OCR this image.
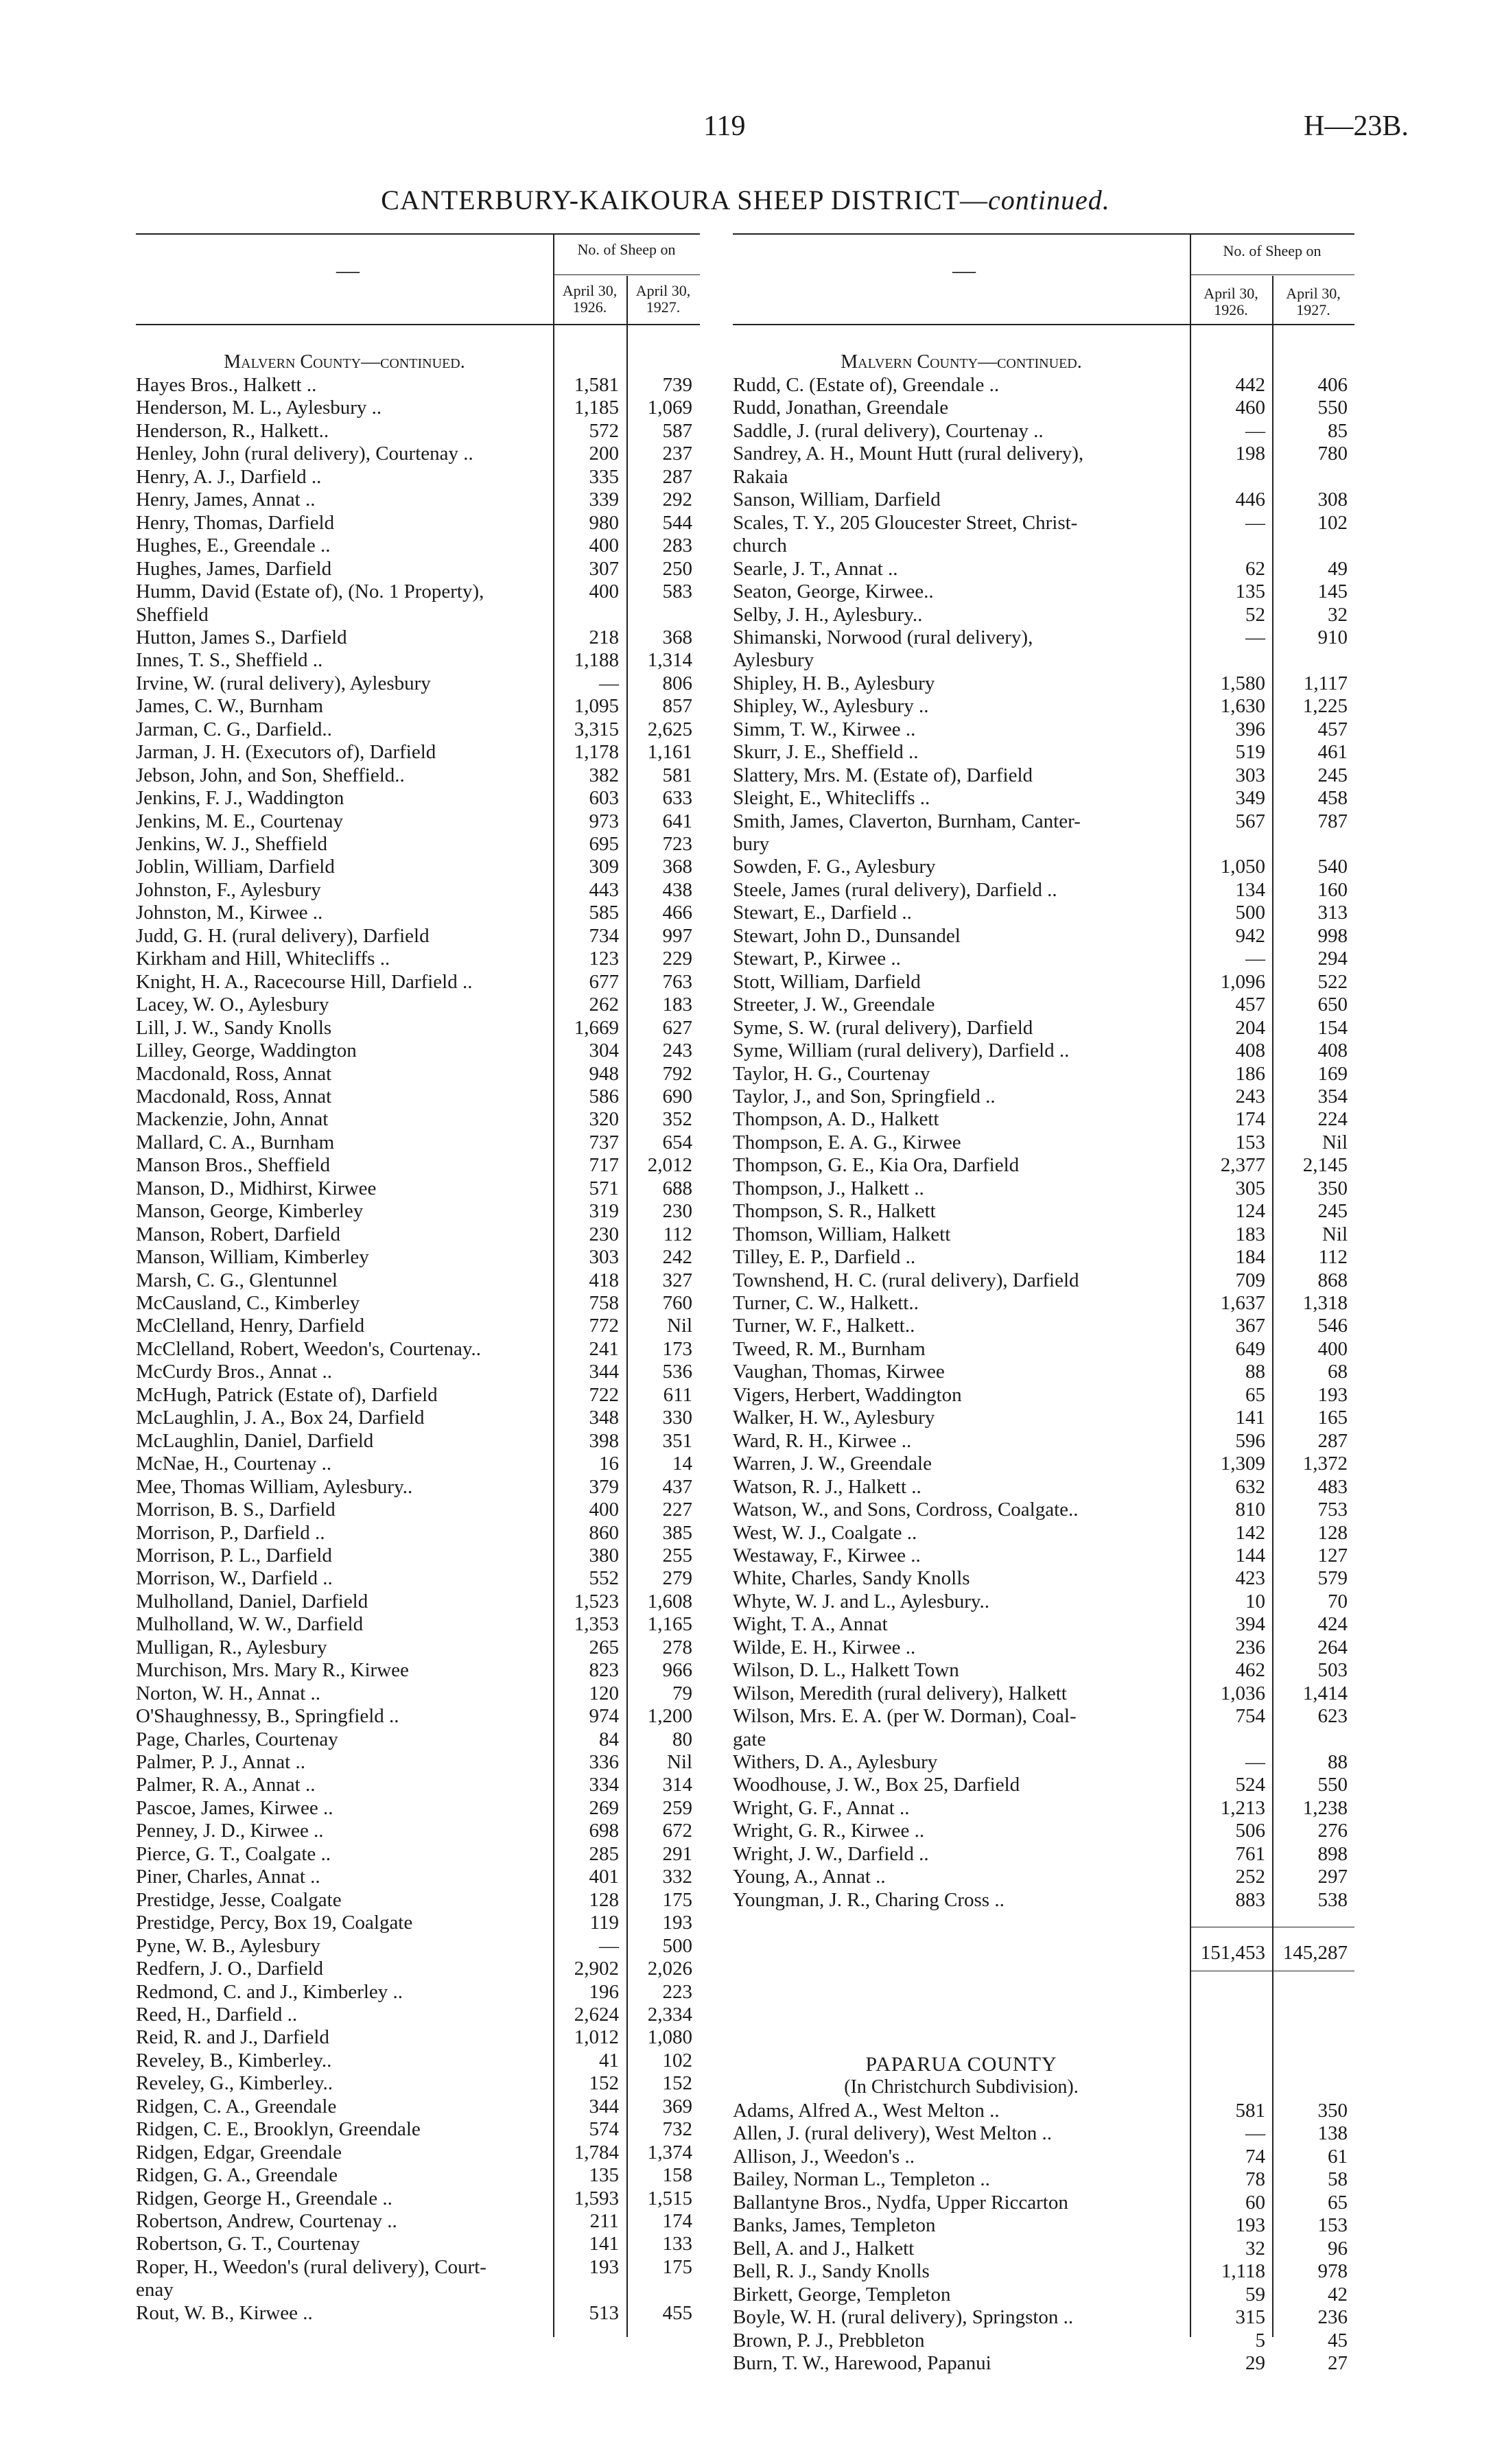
119	H—23B.
CANTERBURY-KAIKOURA SHEEP DISTRICT—continued.
—
No. of Sheep on
April 30,
1926.
April 30,
1927.
Malvern County—continued.
Hayes Bros., Halkett ..	1,581	739
Henderson, M. L., Aylesbury ..	1,185	1,069
Henderson, R., Halkett..	572	587
Henley, John (rural delivery), Courtenay ..	200	237
Henry, A. J., Darfield ..	335	287
Henry, James, Annat ..	339	292
Henry, Thomas, Darfield	980	544
Hughes, E., Greendale ..	400	283
Hughes, James, Darfield	307	250
Humm, David (Estate of), (No. 1 Property),	400	583
Sheffield
Hutton, James S., Darfield	218	368
Innes, T. S., Sheffield ..	1,188	1,314
Irvine, W. (rural delivery), Aylesbury	—	806
James, C. W., Burnham	1,095	857
Jarman, C. G., Darfield..	3,315	2,625
Jarman, J. H. (Executors of), Darfield	1,178	1,161
Jebson, John, and Son, Sheffield..	382	581
Jenkins, F. J., Waddington	603	633
Jenkins, M. E., Courtenay	973	641
Jenkins, W. J., Sheffield	695	723
Joblin, William, Darfield	309	368
Johnston, F., Aylesbury	443	438
Johnston, M., Kirwee ..	585	466
Judd, G. H. (rural delivery), Darfield	734	997
Kirkham and Hill, Whitecliffs ..	123	229
Knight, H. A., Racecourse Hill, Darfield ..	677	763
Lacey, W. O., Aylesbury	262	183
Lill, J. W., Sandy Knolls	1,669	627
Lilley, George, Waddington	304	243
Macdonald, Ross, Annat	948	792
Macdonald, Ross, Annat	586	690
Mackenzie, John, Annat	320	352
Mallard, C. A., Burnham	737	654
Manson Bros., Sheffield	717	2,012
Manson, D., Midhirst, Kirwee	571	688
Manson, George, Kimberley	319	230
Manson, Robert, Darfield	230	112
Manson, William, Kimberley	303	242
Marsh, C. G., Glentunnel	418	327
McCausland, C., Kimberley	758	760
McClelland, Henry, Darfield	772	Nil
McClelland, Robert, Weedon's, Courtenay..	241	173
McCurdy Bros., Annat ..	344	536
McHugh, Patrick (Estate of), Darfield	722	611
McLaughlin, J. A., Box 24, Darfield	348	330
McLaughlin, Daniel, Darfield	398	351
McNae, H., Courtenay ..	16	14
Mee, Thomas William, Aylesbury..	379	437
Morrison, B. S., Darfield	400	227
Morrison, P., Darfield ..	860	385
Morrison, P. L., Darfield	380	255
Morrison, W., Darfield ..	552	279
Mulholland, Daniel, Darfield	1,523	1,608
Mulholland, W. W., Darfield	1,353	1,165
Mulligan, R., Aylesbury	265	278
Murchison, Mrs. Mary R., Kirwee	823	966
Norton, W. H., Annat ..	120	79
O'Shaughnessy, B., Springfield ..	974	1,200
Page, Charles, Courtenay	84	80
Palmer, P. J., Annat ..	336	Nil
Palmer, R. A., Annat ..	334	314
Pascoe, James, Kirwee ..	269	259
Penney, J. D., Kirwee ..	698	672
Pierce, G. T., Coalgate ..	285	291
Piner, Charles, Annat ..	401	332
Prestidge, Jesse, Coalgate	128	175
Prestidge, Percy, Box 19, Coalgate	119	193
Pyne, W. B., Aylesbury	—	500
Redfern, J. O., Darfield	2,902	2,026
Redmond, C. and J., Kimberley ..	196	223
Reed, H., Darfield ..	2,624	2,334
Reid, R. and J., Darfield	1,012	1,080
Reveley, B., Kimberley..	41	102
Reveley, G., Kimberley..	152	152
Ridgen, C. A., Greendale	344	369
Ridgen, C. E., Brooklyn, Greendale	574	732
Ridgen, Edgar, Greendale	1,784	1,374
Ridgen, G. A., Greendale	135	158
Ridgen, George H., Greendale ..	1,593	1,515
Robertson, Andrew, Courtenay ..	211	174
Robertson, G. T., Courtenay	141	133
Roper, H., Weedon's (rural delivery), Court-	193	175
enay
Rout, W. B., Kirwee ..	513	455
—
No. of Sheep on
April 30,
1926.
April 30,
1927.
Malvern County—continued.
Rudd, C. (Estate of), Greendale ..	442	406
Rudd, Jonathan, Greendale	460	550
Saddle, J. (rural delivery), Courtenay ..	—	85
Sandrey, A. H., Mount Hutt (rural delivery),	198	780
Rakaia
Sanson, William, Darfield	446	308
Scales, T. Y., 205 Gloucester Street, Christ-	—	102
church
Searle, J. T., Annat ..	62	49
Seaton, George, Kirwee..	135	145
Selby, J. H., Aylesbury..	52	32
Shimanski, Norwood (rural delivery),	—	910
Aylesbury
Shipley, H. B., Aylesbury	1,580	1,117
Shipley, W., Aylesbury ..	1,630	1,225
Simm, T. W., Kirwee ..	396	457
Skurr, J. E., Sheffield ..	519	461
Slattery, Mrs. M. (Estate of), Darfield	303	245
Sleight, E., Whitecliffs ..	349	458
Smith, James, Claverton, Burnham, Canter-	567	787
bury
Sowden, F. G., Aylesbury	1,050	540
Steele, James (rural delivery), Darfield ..	134	160
Stewart, E., Darfield ..	500	313
Stewart, John D., Dunsandel	942	998
Stewart, P., Kirwee ..	—	294
Stott, William, Darfield	1,096	522
Streeter, J. W., Greendale	457	650
Syme, S. W. (rural delivery), Darfield	204	154
Syme, William (rural delivery), Darfield ..	408	408
Taylor, H. G., Courtenay	186	169
Taylor, J., and Son, Springfield ..	243	354
Thompson, A. D., Halkett	174	224
Thompson, E. A. G., Kirwee	153	Nil
Thompson, G. E., Kia Ora, Darfield	2,377	2,145
Thompson, J., Halkett ..	305	350
Thompson, S. R., Halkett	124	245
Thomson, William, Halkett	183	Nil
Tilley, E. P., Darfield ..	184	112
Townshend, H. C. (rural delivery), Darfield	709	868
Turner, C. W., Halkett..	1,637	1,318
Turner, W. F., Halkett..	367	546
Tweed, R. M., Burnham	649	400
Vaughan, Thomas, Kirwee	88	68
Vigers, Herbert, Waddington	65	193
Walker, H. W., Aylesbury	141	165
Ward, R. H., Kirwee ..	596	287
Warren, J. W., Greendale	1,309	1,372
Watson, R. J., Halkett ..	632	483
Watson, W., and Sons, Cordross, Coalgate..	810	753
West, W. J., Coalgate ..	142	128
Westaway, F., Kirwee ..	144	127
White, Charles, Sandy Knolls	423	579
Whyte, W. J. and L., Aylesbury..	10	70
Wight, T. A., Annat	394	424
Wilde, E. H., Kirwee ..	236	264
Wilson, D. L., Halkett Town	462	503
Wilson, Meredith (rural delivery), Halkett	1,036	1,414
Wilson, Mrs. E. A. (per W. Dorman), Coal-	754	623
gate
Withers, D. A., Aylesbury	—	88
Woodhouse, J. W., Box 25, Darfield	524	550
Wright, G. F., Annat ..	1,213	1,238
Wright, G. R., Kirwee ..	506	276
Wright, J. W., Darfield ..	761	898
Young, A., Annat ..	252	297
Youngman, J. R., Charing Cross ..	883	538
151,453 145,287
PAPARUA COUNTY
(In Christchurch Subdivision).
Adams, Alfred A., West Melton ..	581	350
Allen, J. (rural delivery), West Melton ..	—	138
Allison, J., Weedon's ..	74	61
Bailey, Norman L., Templeton ..	78	58
Ballantyne Bros., Nydfa, Upper Riccarton	60	65
Banks, James, Templeton	193	153
Bell, A. and J., Halkett	32	96
Bell, R. J., Sandy Knolls	1,118	978
Birkett, George, Templeton	59	42
Boyle, W. H. (rural delivery), Springston ..	315	236
Brown, P. J., Prebbleton	5	45
Burn, T. W., Harewood, Papanui	29	27
